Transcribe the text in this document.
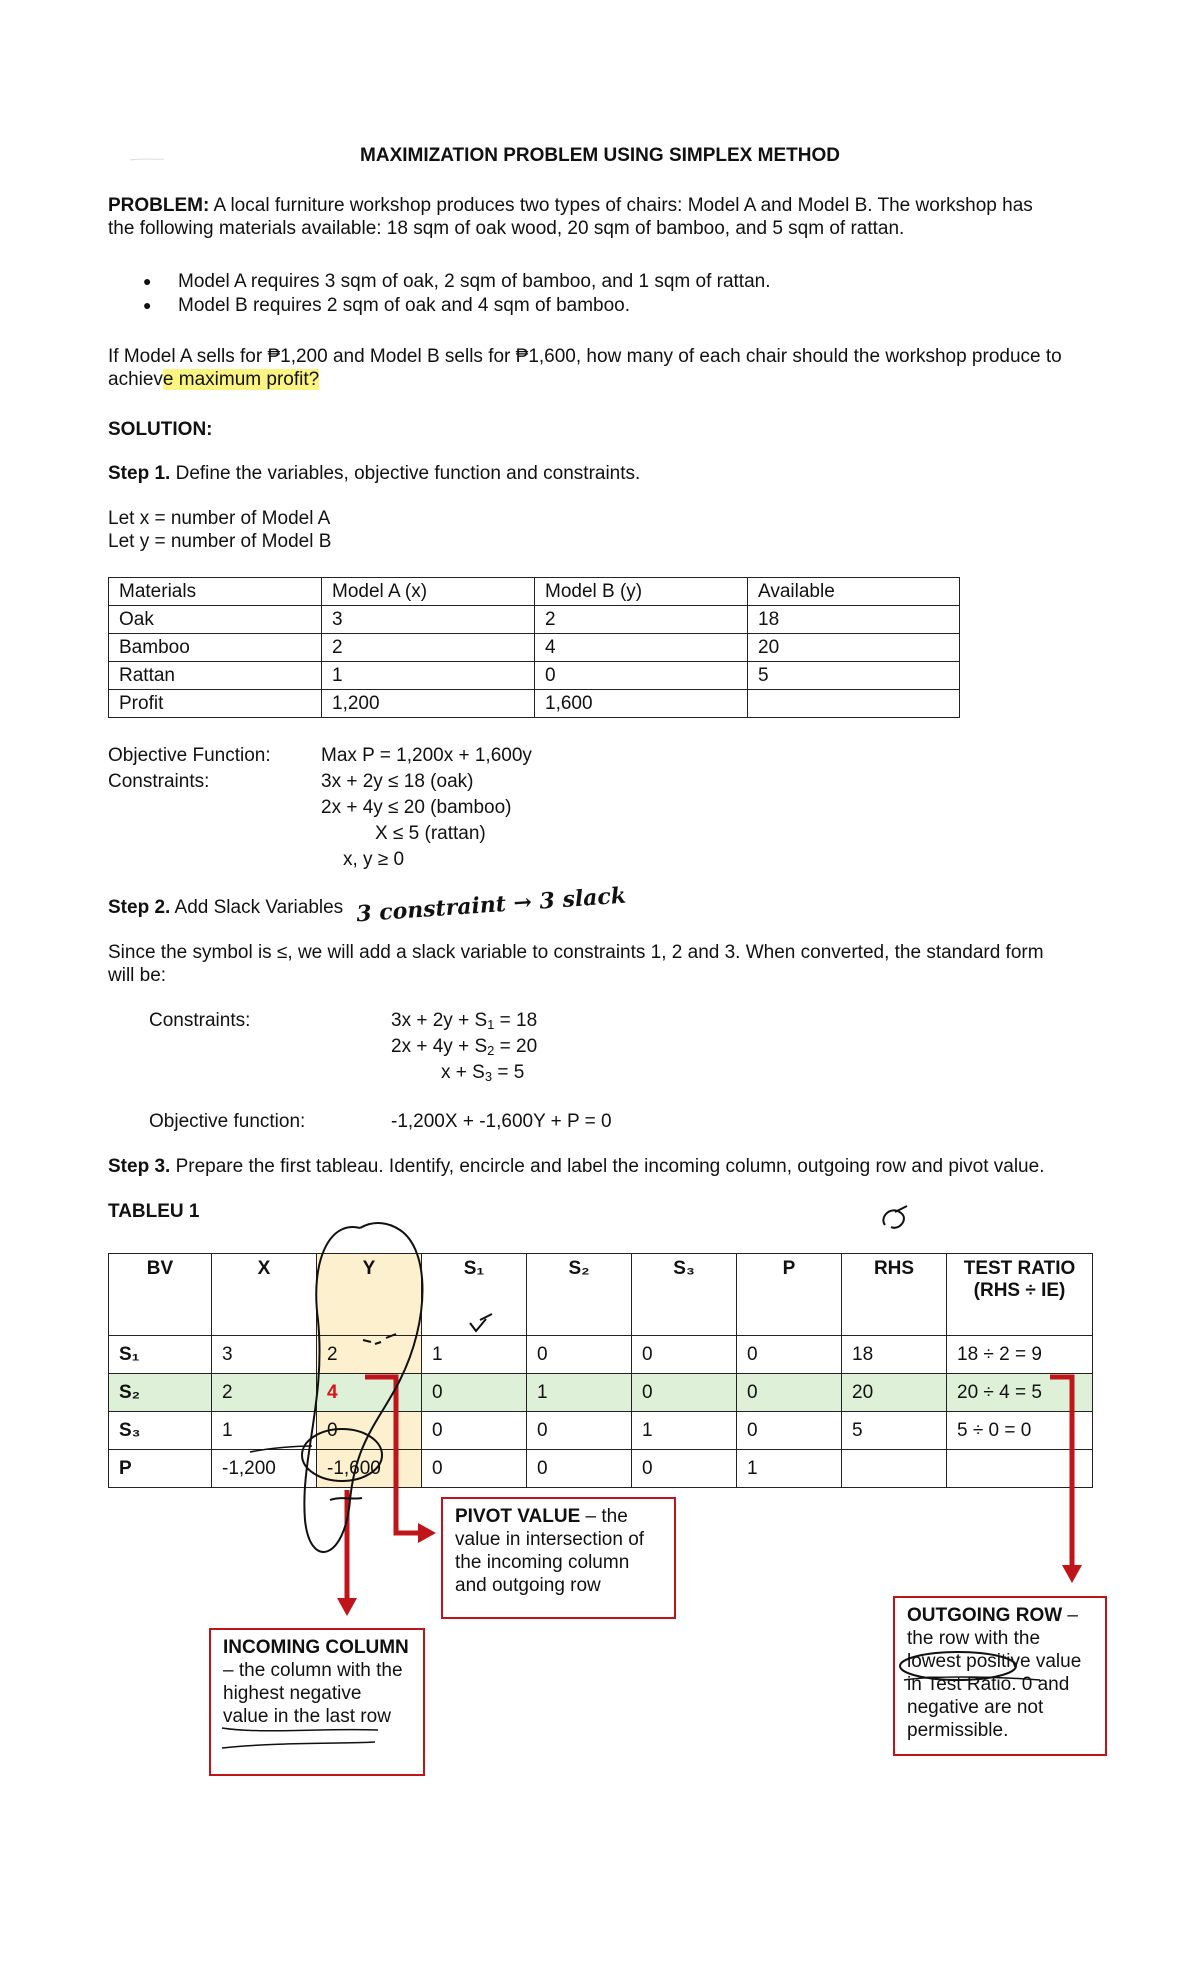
MAXIMIZATION PROBLEM USING SIMPLEX METHOD
PROBLEM: A local furniture workshop produces two types of chairs: Model A and Model B. The workshop has
the following materials available: 18 sqm of oak wood, 20 sqm of bamboo, and 5 sqm of rattan.
● Model A requires 3 sqm of oak, 2 sqm of bamboo, and 1 sqm of rattan.
● Model B requires 2 sqm of oak and 4 sqm of bamboo.
If Model A sells for ₱1,200 and Model B sells for ₱1,600, how many of each chair should the workshop produce to
achieve maximum profit?
SOLUTION:
Step 1. Define the variables, objective function and constraints.
Let x = number of Model A
Let y = number of Model B
Materials	Model A (x)	Model B (y)	Available
Oak	3	2	18
Bamboo	2	4	20
Rattan	1	0	5
Profit	1,200	1,600	
Objective Function:	Max P = 1,200x + 1,600y
Constraints:	3x + 2y ≤ 18 (oak)
2x + 4y ≤ 20 (bamboo)
X ≤ 5 (rattan)
x, y ≥ 0
Step 2. Add Slack Variables 3 constraint → 3 slack
Since the symbol is ≤, we will add a slack variable to constraints 1, 2 and 3. When converted, the standard form
will be:
Constraints:	$3x + 2y + S_1 = 18$
$2x + 4y + S_2 = 20$
$x + S_3 = 5$
Objective function:	-1,200X + -1,600Y + P = 0
Step 3. Prepare the first tableau. Identify, encircle and label the incoming column, outgoing row and pivot value.
TABLEU 1
BV	X	Y	S₁	S₂	S₃	P	RHS	TEST RATIO
(RHS ÷ IE)

S₁	3	2	1	0	0	0	18	18 ÷ 2 = 9
S₂	2	4	0	1	0	0	20	20 ÷ 4 = 5
S₃	1	0	0	0	1	0	5	5 ÷ 0 = 0
P	-1,200	-1,600	0	0	0	1		
PIVOT VALUE – the value in intersection of the incoming column and outgoing row
INCOMING COLUMN – the column with the highest negative value in the last row
OUTGOING ROW – the row with the lowest positive value in Test Ratio. 0 and negative are not permissible.
